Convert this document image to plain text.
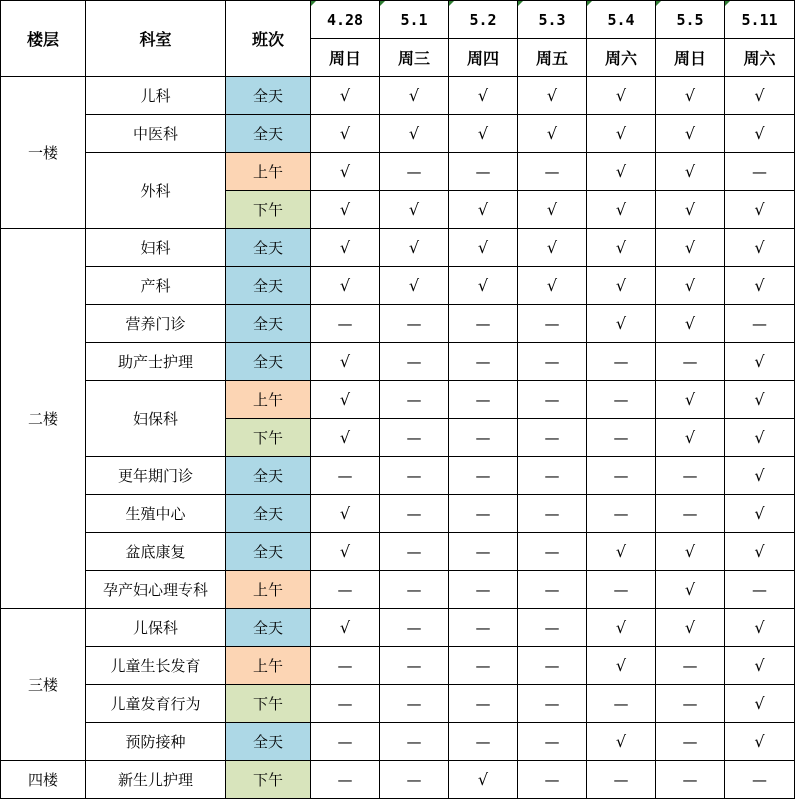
楼层	科室	班次	4.28	5.1	5.2	5.3	5.4	5.5	5.11
			周日	周三	周四	周五	周六	周日	周六
一楼	儿科	全天	√	√	√	√	√	√	√
	中医科	全天	√	√	√	√	√	√	√
	外科	上午	√	—	—	—	√	√	—
		下午	√	√	√	√	√	√	√
二楼	妇科	全天	√	√	√	√	√	√	√
	产科	全天	√	√	√	√	√	√	√
	营养门诊	全天	—	—	—	—	√	√	—
	助产士护理	全天	√	—	—	—	—	—	√
	妇保科	上午	√	—	—	—	—	√	√
		下午	√	—	—	—	—	√	√
	更年期门诊	全天	—	—	—	—	—	—	√
	生殖中心	全天	√	—	—	—	—	—	√
	盆底康复	全天	√	—	—	—	√	√	√
	孕产妇心理专科	上午	—	—	—	—	—	√	—
三楼	儿保科	全天	√	—	—	—	√	√	√
	儿童生长发育	上午	—	—	—	—	√	—	√
	儿童发育行为	下午	—	—	—	—	—	—	√
	预防接种	全天	—	—	—	—	√	—	√
四楼	新生儿护理	下午	—	—	√	—	—	—	—
